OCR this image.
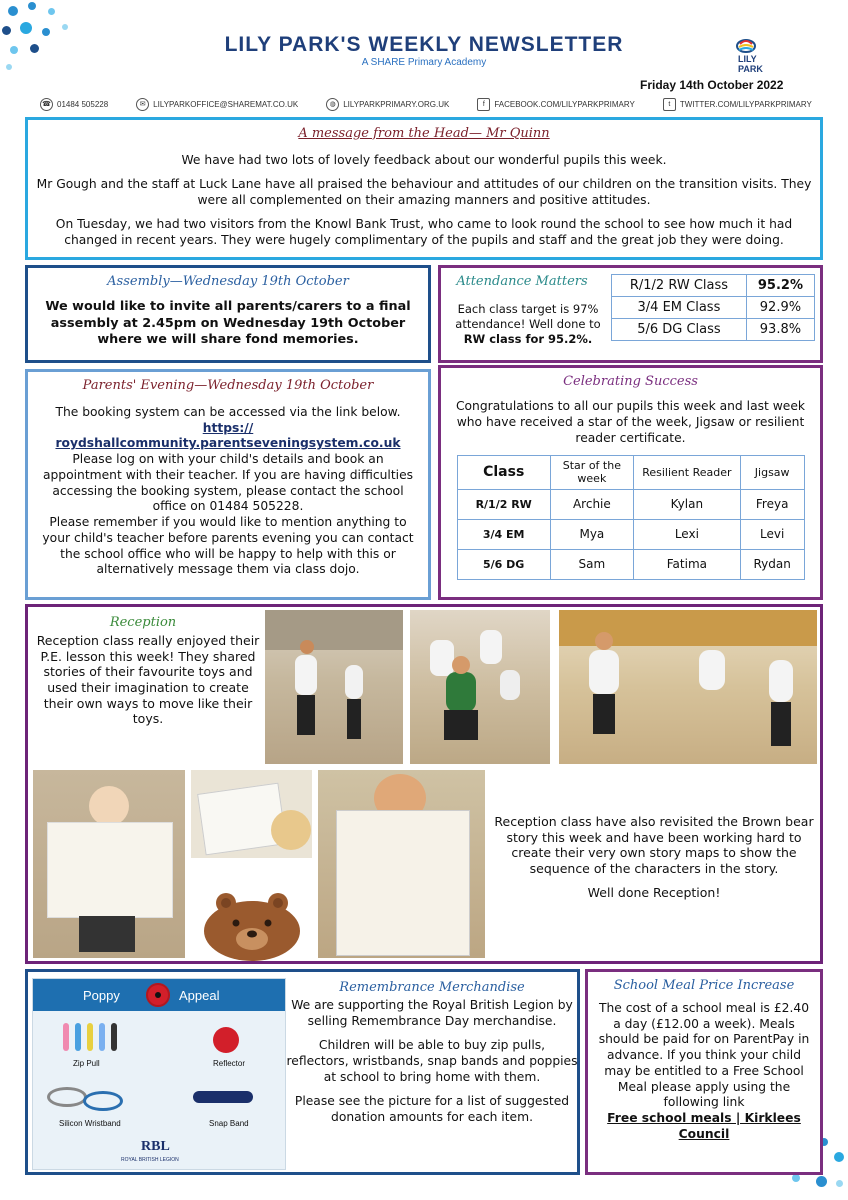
LILY PARK'S WEEKLY NEWSLETTER
A SHARE Primary Academy	LILY PARK
Friday 14th October 2022
☎ 01484 505228	✉ LILYPARKOFFICE@SHAREMAT.CO.UK	◍ LILYPARKPRIMARY.ORG.UK	f	FACEBOOK.COM/LILYPARKPRIMARY	t	TWITTER.COM/LILYPARKPRIMARY
A message from the Head— Mr Quinn

We have had two lots of lovely feedback about our wonderful pupils this week.

Mr Gough and the staff at Luck Lane have all praised the behaviour and attitudes of our children on the transition visits. They were all complemented on their amazing manners and positive attitudes.

On Tuesday, we had two visitors from the Knowl Bank Trust, who came to look round the school to see how much it had changed in recent years. They were hugely complimentary of the pupils and staff and the great job they were doing.

Assembly—Wednesday 19th October
We would like to invite all parents/carers to a final assembly at 2.45pm on Wednesday 19th October where we will share fond memories.
Attendance Matters
Each class target is 97% attendance! Well done to RW class for 95.2%.
R/1/2 RW Class	95.2%
3/4 EM Class	92.9%
5/6 DG Class	93.8%
Parents' Evening—Wednesday 19th October
The booking system can be accessed via the link below.
https://
roydshallcommunity.parentseveningsystem.co.uk
Please log on with your child's details and book an appointment with their teacher. If you are having difficulties accessing the booking system, please contact the school office on 01484 505228.
Please remember if you would like to mention anything to your child's teacher before parents evening you can contact the school office who will be happy to help with this or alternatively message them via class dojo.
Celebrating Success
Congratulations to all our pupils this week and last week who have received a star of the week, Jigsaw or resilient reader certificate.
Class	Star of the week	Resilient Reader	Jigsaw
R/1/2 RW	Archie	Kylan	Freya
3/4 EM	Mya	Lexi	Levi
5/6 DG	Sam	Fatima	Rydan
Reception
Reception class really enjoyed their P.E. lesson this week! They shared stories of their favourite toys and used their imagination to create their own ways to move like their toys.

Reception class have also revisited the Brown bear story this week and have been working hard to create their very own story maps to show the sequence of the characters in the story.

Well done Reception!

Poppy	Appeal
Zip Pull	Reflector
Silicon Wristband	Snap Band
RBL
ROYAL BRITISH LEGION
Remembrance Merchandise

We are supporting the Royal British Legion by selling Remembrance Day merchandise.

Children will be able to buy zip pulls, reflectors, wristbands, snap bands and poppies at school to bring home with them.

Please see the picture for a list of suggested donation amounts for each item.

School Meal Price Increase
The cost of a school meal is £2.40 a day (£12.00 a week). Meals should be paid for on ParentPay in advance. If you think your child may be entitled to a Free School Meal please apply using the following link
Free school meals | Kirklees Council
